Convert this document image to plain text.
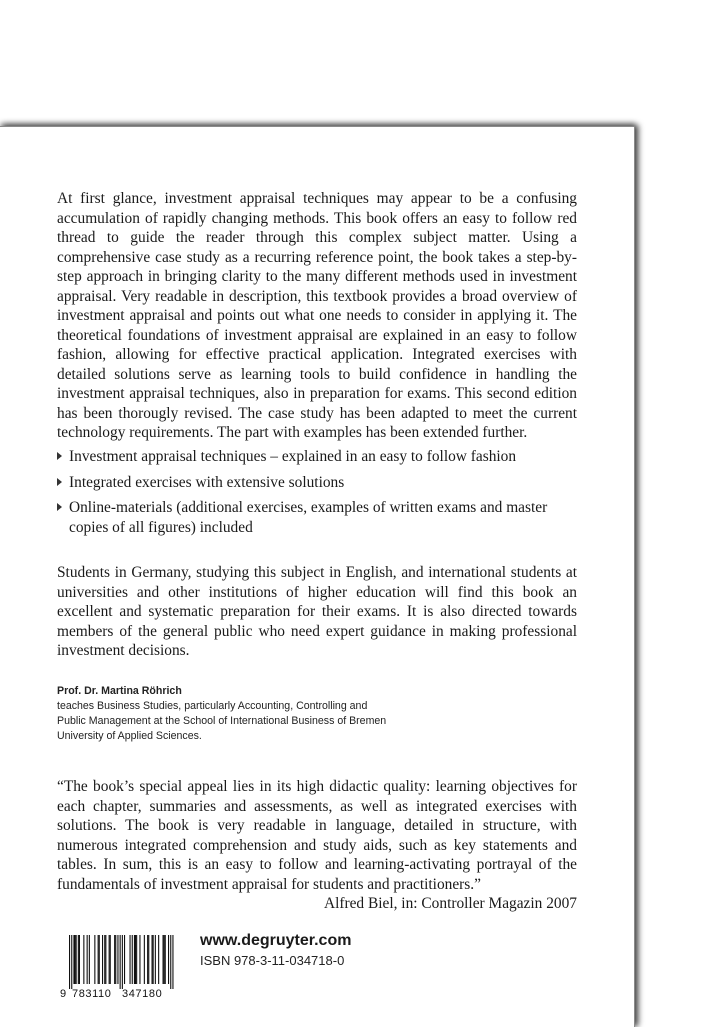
At first glance, investment appraisal techniques may appear to be a confusing accumulation of rapidly changing methods. This book offers an easy to follow red thread to guide the reader through this complex subject matter. Using a comprehensive case study as a recurring reference point, the book takes a step-by-step approach in bringing clarity to the many different methods used in investment appraisal. Very readable in description, this textbook provides a broad overview of investment appraisal and points out what one needs to consider in applying it. The theoretical foundations of investment appraisal are explained in an easy to follow fashion, allowing for effective practical application. Integrated exercises with detailed solutions serve as learning tools to build confidence in handling the investment appraisal techniques, also in preparation for exams. This second edition has been thorougly revised. The case study has been adapted to meet the current technology requirements. The part with examples has been extended further.

Investment appraisal techniques – explained in an easy to follow fashion
Integrated exercises with extensive solutions
Online-materials (additional exercises, examples of written exams and master copies of all figures) included

Students in Germany, studying this subject in English, and international students at universities and other institutions of higher education will find this book an excellent and systematic preparation for their exams. It is also directed towards members of the general public who need expert guidance in making professional investment decisions.

Prof. Dr. Martina Röhrich
teaches Business Studies, particularly Accounting, Controlling and Public Management at the School of International Business of Bremen University of Applied Sciences.

“The book’s special appeal lies in its high didactic quality: learning objectives for each chapter, summaries and assessments, as well as integrated exercises with solutions. The book is very readable in language, detailed in structure, with numerous integrated comprehension and study aids, such as key statements and tables. In sum, this is an easy to follow and learning-activating portrayal of the fundamentals of investment appraisal for students and practitioners.”

Alfred Biel, in: Controller Magazin 2007

9 783110 347180
www.degruyter.com
ISBN 978-3-11-034718-0
